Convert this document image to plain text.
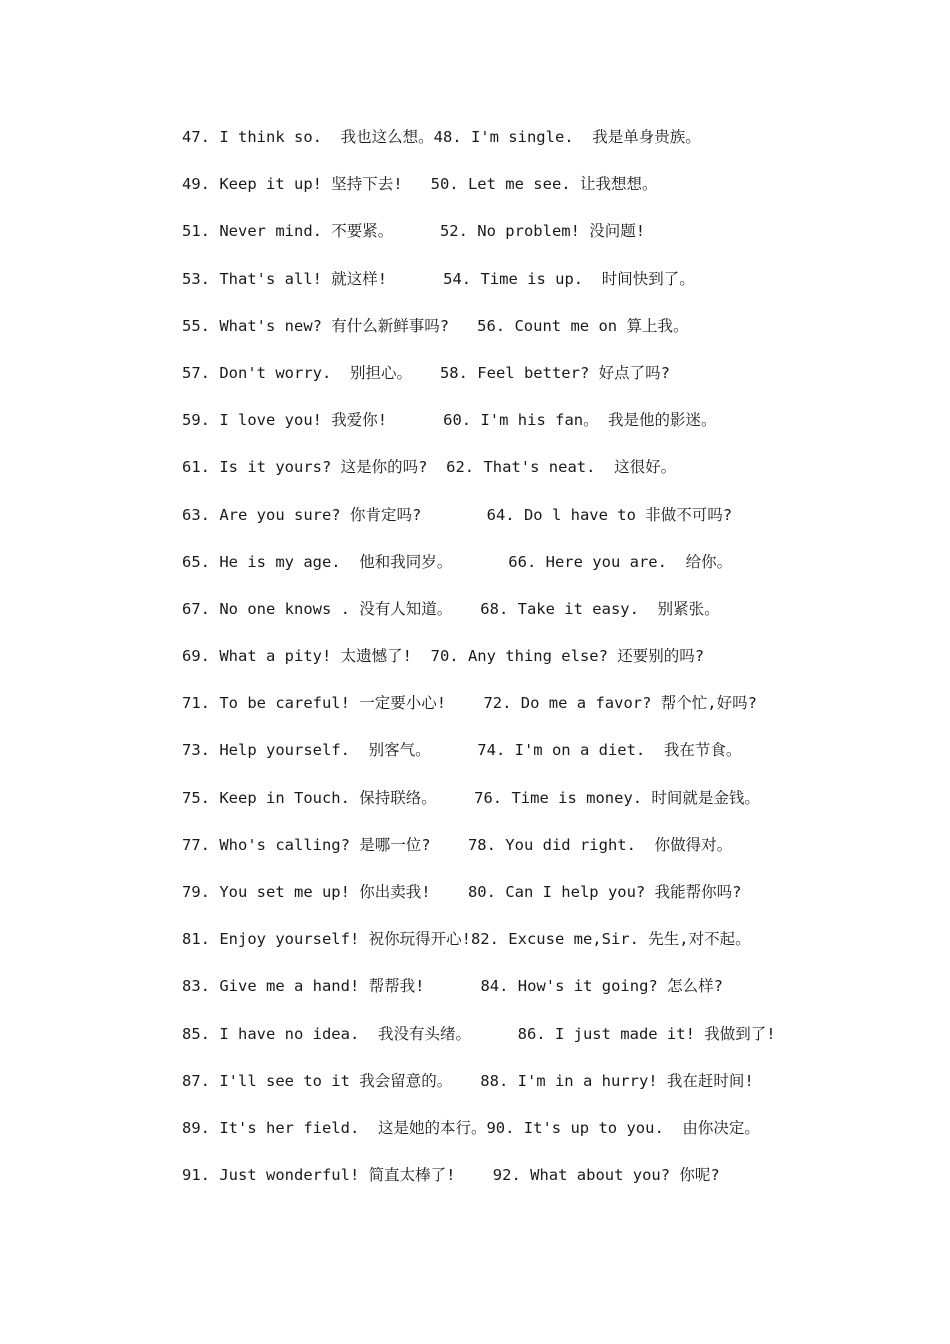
47. I think so.  我也这么想。48. I'm single.  我是单身贵族。
49. Keep it up! 坚持下去!   50. Let me see. 让我想想。
51. Never mind. 不要紧。     52. No problem! 没问题!
53. That's all! 就这样!      54. Time is up.  时间快到了。
55. What's new? 有什么新鲜事吗?   56. Count me on 算上我。
57. Don't worry.  别担心。   58. Feel better? 好点了吗?
59. I love you! 我爱你!      60. I'm his fan。 我是他的影迷。
61. Is it yours? 这是你的吗?  62. That's neat.  这很好。
63. Are you sure? 你肯定吗?       64. Do l have to 非做不可吗?
65. He is my age.  他和我同岁。      66. Here you are.  给你。
67. No one knows . 没有人知道。   68. Take it easy.  别紧张。
69. What a pity! 太遗憾了!  70. Any thing else? 还要别的吗?
71. To be careful! 一定要小心!    72. Do me a favor? 帮个忙,好吗?
73. Help yourself.  别客气。     74. I'm on a diet.  我在节食。
75. Keep in Touch. 保持联络。    76. Time is money. 时间就是金钱。
77. Who's calling? 是哪一位?    78. You did right.  你做得对。
79. You set me up! 你出卖我!    80. Can I help you? 我能帮你吗?
81. Enjoy yourself! 祝你玩得开心!82. Excuse me,Sir. 先生,对不起。
83. Give me a hand! 帮帮我!      84. How's it going? 怎么样?
85. I have no idea.  我没有头绪。     86. I just made it! 我做到了!
87. I'll see to it 我会留意的。   88. I'm in a hurry! 我在赶时间!
89. It's her field.  这是她的本行。90. It's up to you.  由你决定。
91. Just wonderful! 简直太棒了!    92. What about you? 你呢?
